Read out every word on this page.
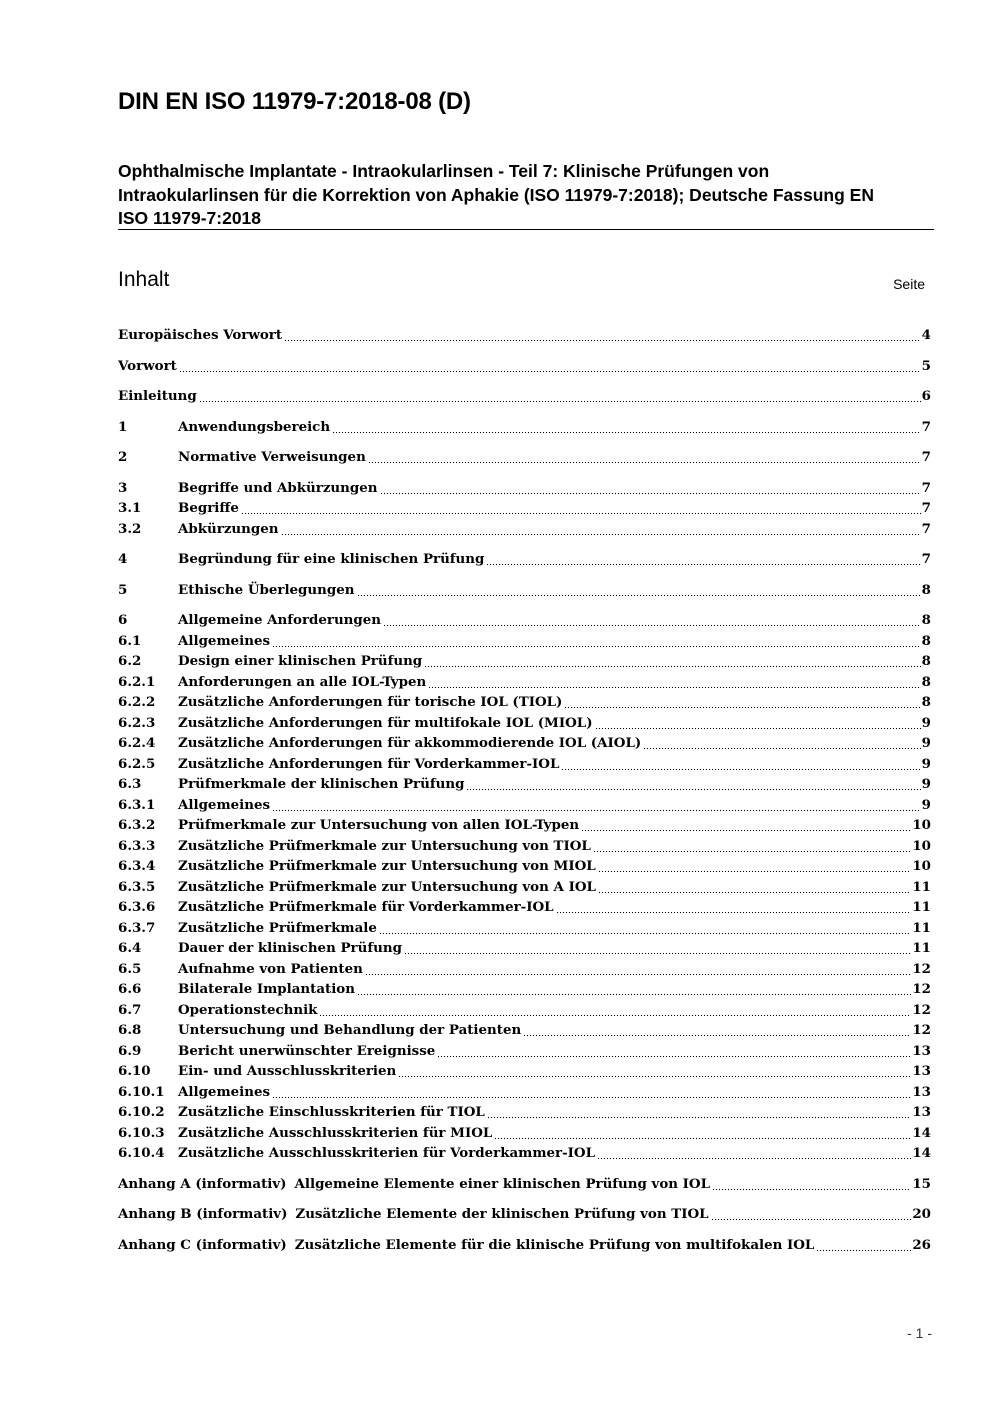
DIN EN ISO 11979-7:2018-08 (D)
Ophthalmische Implantate - Intraokularlinsen - Teil 7: Klinische Prüfungen von Intraokularlinsen für die Korrektion von Aphakie (ISO 11979-7:2018); Deutsche Fassung EN ISO 11979-7:2018
Inhalt	Seite
Europäisches Vorwort	4
Vorwort	5
Einleitung	6
1	Anwendungsbereich	7
2	Normative Verweisungen	7
3	Begriffe und Abkürzungen	7
3.1	Begriffe	7
3.2	Abkürzungen	7
4	Begründung für eine klinischen Prüfung	7
5	Ethische Überlegungen	8
6	Allgemeine Anforderungen	8
6.1	Allgemeines	8
6.2	Design einer klinischen Prüfung	8
6.2.1	Anforderungen an alle IOL-Typen	8
6.2.2	Zusätzliche Anforderungen für torische IOL (TIOL)	8
6.2.3	Zusätzliche Anforderungen für multifokale IOL (MIOL)	9
6.2.4	Zusätzliche Anforderungen für akkommodierende IOL (AIOL)	9
6.2.5	Zusätzliche Anforderungen für Vorderkammer-IOL	9
6.3	Prüfmerkmale der klinischen Prüfung	9
6.3.1	Allgemeines	9
6.3.2	Prüfmerkmale zur Untersuchung von allen IOL-Typen	10
6.3.3	Zusätzliche Prüfmerkmale zur Untersuchung von TIOL	10
6.3.4	Zusätzliche Prüfmerkmale zur Untersuchung von MIOL	10
6.3.5	Zusätzliche Prüfmerkmale zur Untersuchung von A IOL	11
6.3.6	Zusätzliche Prüfmerkmale für Vorderkammer-IOL	11
6.3.7	Zusätzliche Prüfmerkmale	11
6.4	Dauer der klinischen Prüfung	11
6.5	Aufnahme von Patienten	12
6.6	Bilaterale Implantation	12
6.7	Operationstechnik	12
6.8	Untersuchung und Behandlung der Patienten	12
6.9	Bericht unerwünschter Ereignisse	13
6.10	Ein- und Ausschlusskriterien	13
6.10.1	Allgemeines	13
6.10.2	Zusätzliche Einschlusskriterien für TIOL	13
6.10.3	Zusätzliche Ausschlusskriterien für MIOL	14
6.10.4	Zusätzliche Ausschlusskriterien für Vorderkammer-IOL	14
Anhang A (informativ) Allgemeine Elemente einer klinischen Prüfung von IOL	15
Anhang B (informativ) Zusätzliche Elemente der klinischen Prüfung von TIOL	20
Anhang C (informativ) Zusätzliche Elemente für die klinische Prüfung von multifokalen IOL	26
- 1 -
